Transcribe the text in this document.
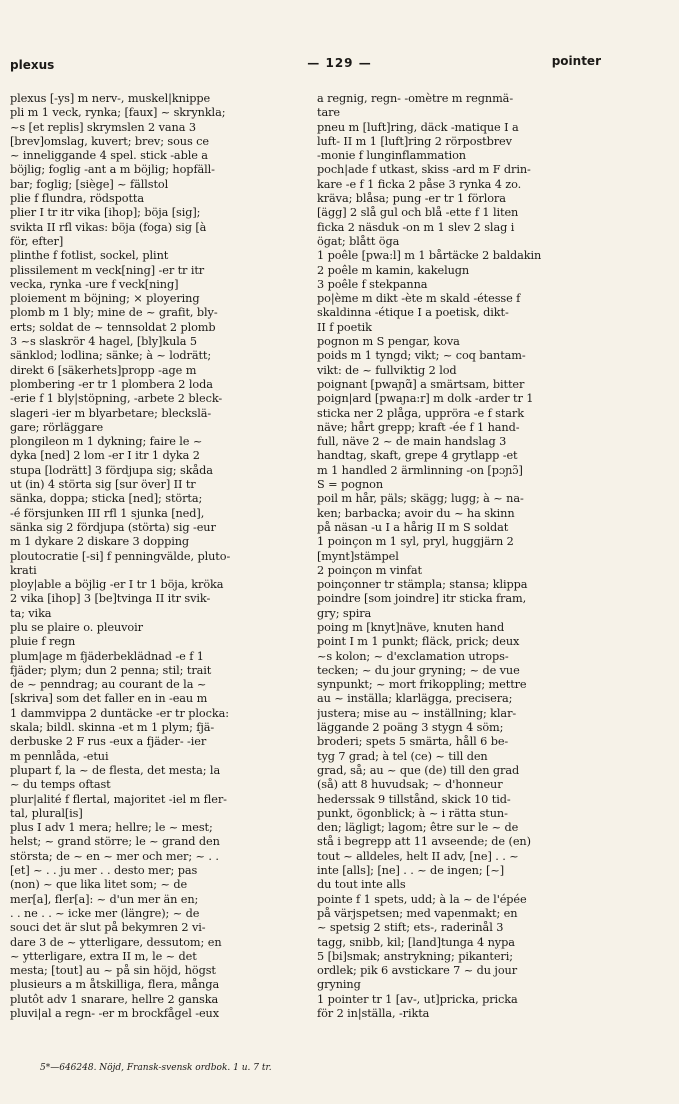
plexus	— 129 —	pointer
plexus [-ys] m nerv-, muskel|knippe
pli m 1 veck, rynka; [faux] ~ skrynkla;
~s [et replis] skrymslen 2 vana 3
[brev]omslag, kuvert; brev; sous ce
~ inneliggande 4 spel. stick -able a
böjlig; foglig -ant a m böjlig; hopfäll-
bar; foglig; [siège] ~ fällstol
plie f flundra, rödspotta
plier I tr itr vika [ihop]; böja [sig];
svikta II rfl vikas: böja (foga) sig [à
för, efter]
plinthe f fotlist, sockel, plint
plissilement m veck[ning] -er tr itr
vecka, rynka -ure f veck[ning]
ploiement m böjning; ⨯ ployering
plomb m 1 bly; mine de ~ grafit, bly-
erts; soldat de ~ tennsoldat 2 plomb
3 ~s slaskrör 4 hagel, [bly]kula 5
sänklod; lodlina; sänke; à ~ lodrätt;
direkt 6 [säkerhets]propp -age m
plombering -er tr 1 plombera 2 loda
-erie f 1 bly|stöpning, -arbete 2 bleck-
slageri -ier m blyarbetare; bleckslä-
gare; rörläggare
plongileon m 1 dykning; faire le ~
dyka [ned] 2 lom -er I itr 1 dyka 2
stupa [lodrätt] 3 fördjupa sig; skåda
ut (in) 4 störta sig [sur över] II tr
sänka, doppa; sticka [ned]; störta;
-é försjunken III rfl 1 sjunka [ned],
sänka sig 2 fördjupa (störta) sig -eur
m 1 dykare 2 diskare 3 dopping
ploutocratie [-si] f penningvälde, pluto-
krati
ploy|able a böjlig -er I tr 1 böja, kröka
2 vika [ihop] 3 [be]tvinga II itr svik-
ta; vika
plu se plaire o. pleuvoir
pluie f regn
plum|age m fjäderbeklädnad -e f 1
fjäder; plym; dun 2 penna; stil; trait
de ~ penndrag; au courant de la ~
[skriva] som det faller en in -eau m
1 dammvippa 2 duntäcke -er tr plocka:
skala; bildl. skinna -et m 1 plym; fjä-
derbuske 2 F rus -eux a fjäder- -ier
m pennlåda, -etui
plupart f, la ~ de flesta, det mesta; la
~ du temps oftast
plur|alité f flertal, majoritet -iel m fler-
tal, plural[is]
plus I adv 1 mera; hellre; le ~ mest;
helst; ~ grand större; le ~ grand den
största; de ~ en ~ mer och mer; ~ . .
[et] ~ . . ju mer . . desto mer; pas
(non) ~ que lika litet som; ~ de
mer[a], fler[a]: ~ d'un mer än en;
. . ne . . ~ icke mer (längre); ~ de
souci det är slut på bekymren 2 vi-
dare 3 de ~ ytterligare, dessutom; en
~ ytterligare, extra II m, le ~ det
mesta; [tout] au ~ på sin höjd, högst
plusieurs a m åtskilliga, flera, många
plutôt adv 1 snarare, hellre 2 ganska
pluvi|al a regn- -er m brockfågel -eux
a regnig, regn- -omètre m regnmä-
tare
pneu m [luft]ring, däck -matique I a
luft- II m 1 [luft]ring 2 rörpostbrev
-monie f lunginflammation
poch|ade f utkast, skiss -ard m F drin-
kare -e f 1 ficka 2 påse 3 rynka 4 zo.
kräva; blåsa; pung -er tr 1 förlora
[ägg] 2 slå gul och blå -ette f 1 liten
ficka 2 näsduk -on m 1 slev 2 slag i
ögat; blått öga
1 poêle [pwa:l] m 1 bårtäcke 2 baldakin
2 poêle m kamin, kakelugn
3 poêle f stekpanna
po|ème m dikt -ète m skald -étesse f
skaldinna -étique I a poetisk, dikt-
II f poetik
pognon m S pengar, kova
poids m 1 tyngd; vikt; ~ coq bantam-
vikt: de ~ fullviktig 2 lod
poignant [pwaɲɑ̃] a smärtsam, bitter
poign|ard [pwaɲa:r] m dolk -arder tr 1
sticka ner 2 plåga, uppröra -e f stark
näve; hårt grepp; kraft -ée f 1 hand-
full, näve 2 ~ de main handslag 3
handtag, skaft, grepe 4 grytlapp -et
m 1 handled 2 ärmlinning -on [pɔɲɔ̃]
S = pognon
poil m hår, päls; skägg; lugg; à ~ na-
ken; barbacka; avoir du ~ ha skinn
på näsan -u I a hårig II m S soldat
1 poinçon m 1 syl, pryl, huggjärn 2
[mynt]stämpel
2 poinçon m vinfat
poinçonner tr stämpla; stansa; klippa
poindre [som joindre] itr sticka fram,
gry; spira
poing m [knyt]näve, knuten hand
point I m 1 punkt; fläck, prick; deux
~s kolon; ~ d'exclamation utrops-
tecken; ~ du jour gryning; ~ de vue
synpunkt; ~ mort frikoppling; mettre
au ~ inställa; klarlägga, precisera;
justera; mise au ~ inställning; klar-
läggande 2 poäng 3 stygn 4 söm;
broderi; spets 5 smärta, håll 6 be-
tyg 7 grad; à tel (ce) ~ till den
grad, så; au ~ que (de) till den grad
(så) att 8 huvudsak; ~ d'honneur
hederssak 9 tillstånd, skick 10 tid-
punkt, ögonblick; à ~ i rätta stun-
den; lägligt; lagom; être sur le ~ de
stå i begrepp att 11 avseende; de (en)
tout ~ alldeles, helt II adv, [ne] . . ~
inte [alls]; [ne] . . ~ de ingen; [~]
du tout inte alls
pointe f 1 spets, udd; à la ~ de l'épée
på värjspetsen; med vapenmakt; en
~ spetsig 2 stift; ets-, raderinål 3
tagg, snibb, kil; [land]tunga 4 nypa
5 [bi]smak; anstrykning; pikanteri;
ordlek; pik 6 avstickare 7 ~ du jour
gryning
1 pointer tr 1 [av-, ut]pricka, pricka
för 2 in|ställa, -rikta
5*—646248. Nöjd, Fransk-svensk ordbok. 1 u. 7 tr.
